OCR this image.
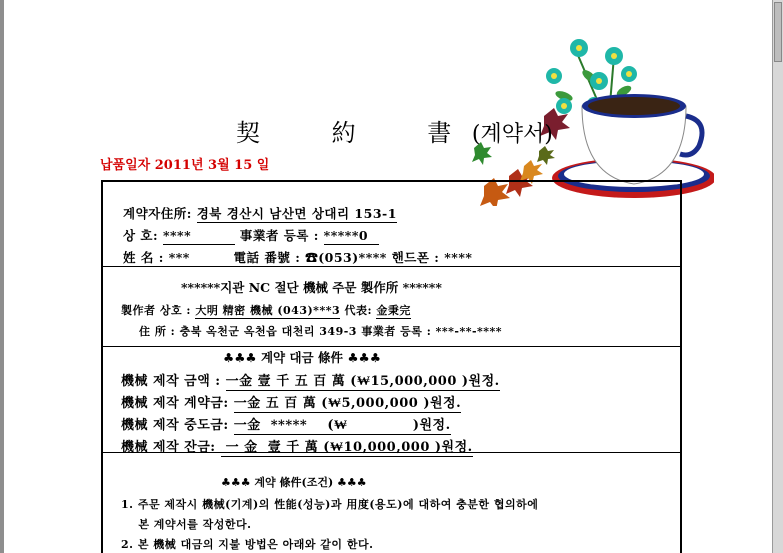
契 約 書 (계약서)
납품일자 2011년 3월 15 일
계약자住所: 경북 경산시 남산면 상대리 153-1
상 호: ****	事業者 등록 : *****0
姓 名 : ***	電話 番號 : ☎(053)**** 핸드폰 : ****
******지관 NC 절단 機械 주문 製作所 ******
製作者 상호 : 大明 精密 機械 (043)***3 代表: 金秉完
住 所 : 충북 옥천군 옥천읍 대천리 349-3 事業者 등록 : ***-**-****
♣♣♣ 계약 대금 條件 ♣♣♣
機械 제작 금액 : 一金 壹 千 五 百 萬 (₩15,000,000 )원정.
機械 제작 계약금: 一金 五 百 萬 (₩5,000,000 )원정.
機械 제작 중도금: 一金  *****    (₩             )원정.
機械 제작 잔금:  一 金  壹 千 萬 (₩10,000,000 )원정.
♣♣♣ 계약 條件(조건) ♣♣♣
1. 주문 제작시 機械(기계)의 性能(성능)과 用度(용도)에 대하여 충분한 협의하에
본 계약서를 작성한다.
2. 본 機械 대금의 지불 방법은 아래와 같이 한다.
